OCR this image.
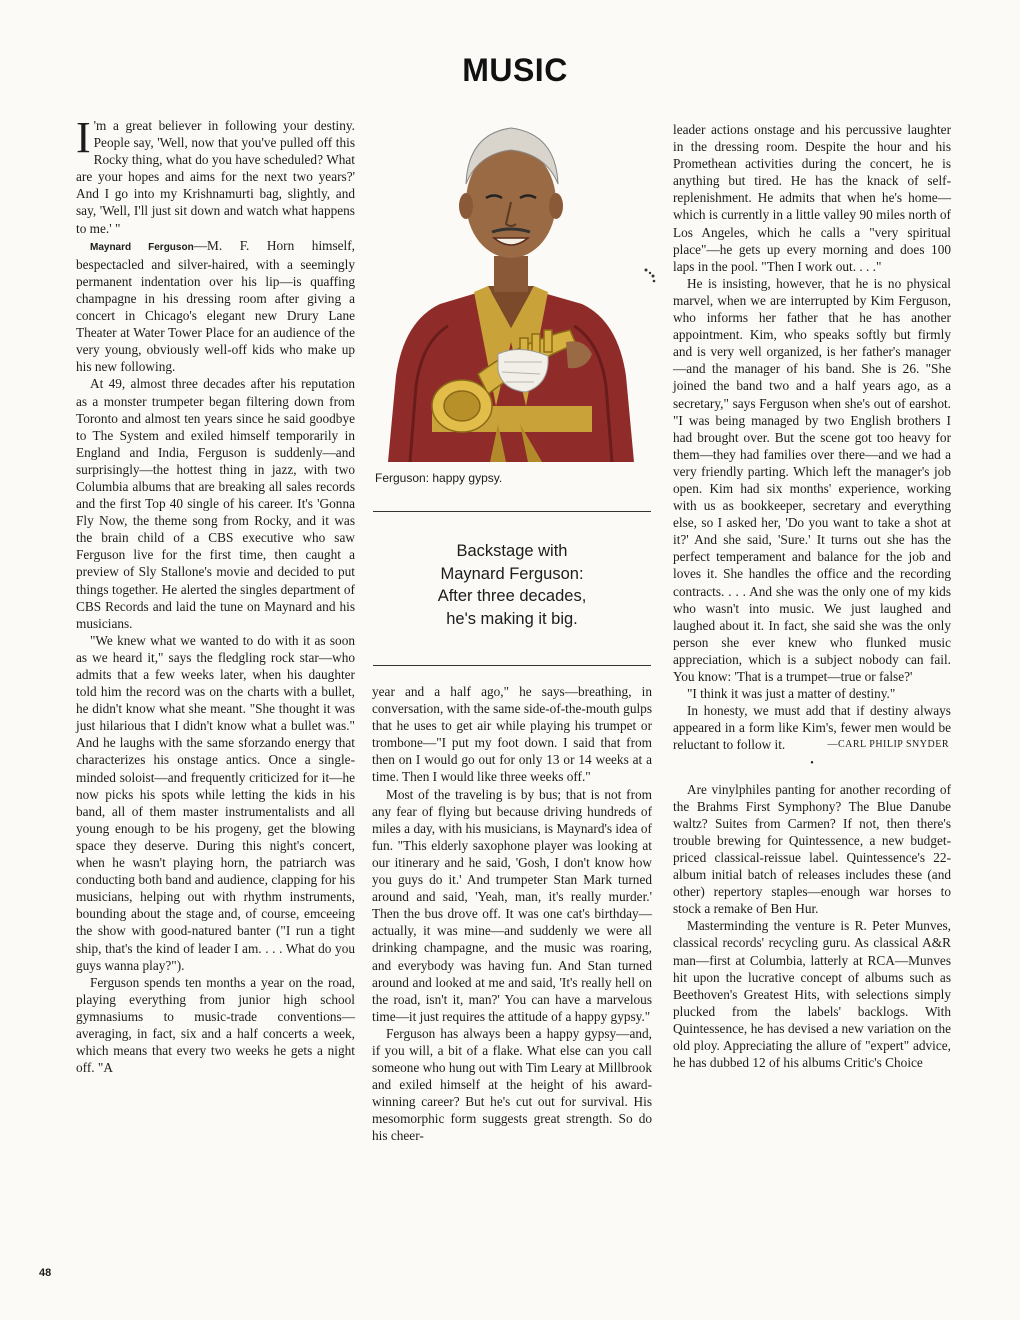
MUSIC

I 'm a great believer in following your destiny. People say, 'Well, now that you've pulled off this Rocky thing, what do you have scheduled? What are your hopes and aims for the next two years?' And I go into my Krishnamurti bag, slightly, and say, 'Well, I'll just sit down and watch what happens to me.' "

Maynard Ferguson—M. F. Horn himself, bespectacled and silver-haired, with a seemingly permanent indentation over his lip—is quaffing champagne in his dressing room after giving a concert in Chicago's elegant new Drury Lane Theater at Water Tower Place for an audience of the very young, obviously well-off kids who make up his new following.

At 49, almost three decades after his reputation as a monster trumpeter began filtering down from Toronto and almost ten years since he said goodbye to The System and exiled himself temporarily in England and India, Ferguson is suddenly—and surprisingly—the hottest thing in jazz, with two Columbia albums that are breaking all sales records and the first Top 40 single of his career. It's 'Gonna Fly Now, the theme song from Rocky, and it was the brain child of a CBS executive who saw Ferguson live for the first time, then caught a preview of Sly Stallone's movie and decided to put things together. He alerted the singles department of CBS Records and laid the tune on Maynard and his musicians.

"We knew what we wanted to do with it as soon as we heard it," says the fledgling rock star—who admits that a few weeks later, when his daughter told him the record was on the charts with a bullet, he didn't know what she meant. "She thought it was just hilarious that I didn't know what a bullet was." And he laughs with the same sforzando energy that characterizes his onstage antics. Once a single-minded soloist—and frequently criticized for it—he now picks his spots while letting the kids in his band, all of them master instrumentalists and all young enough to be his progeny, get the blowing space they deserve. During this night's concert, when he wasn't playing horn, the patriarch was conducting both band and audience, clapping for his musicians, helping out with rhythm instruments, bounding about the stage and, of course, emceeing the show with good-natured banter ("I run a tight ship, that's the kind of leader I am. . . . What do you guys wanna play?").

Ferguson spends ten months a year on the road, playing everything from junior high school gymnasiums to music-trade conventions—averaging, in fact, six and a half concerts a week, which means that every two weeks he gets a night off. "A

Ferguson: happy gypsy.
Backstage with
Maynard Ferguson:
After three decades,
he's making it big.

year and a half ago," he says—breathing, in conversation, with the same side-of-the-mouth gulps that he uses to get air while playing his trumpet or trombone—"I put my foot down. I said that from then on I would go out for only 13 or 14 weeks at a time. Then I would like three weeks off."

Most of the traveling is by bus; that is not from any fear of flying but because driving hundreds of miles a day, with his musicians, is Maynard's idea of fun. "This elderly saxophone player was looking at our itinerary and he said, 'Gosh, I don't know how you guys do it.' And trumpeter Stan Mark turned around and said, 'Yeah, man, it's really murder.' Then the bus drove off. It was one cat's birthday—actually, it was mine—and suddenly we were all drinking champagne, and the music was roaring, and everybody was having fun. And Stan turned around and looked at me and said, 'It's really hell on the road, isn't it, man?' You can have a marvelous time—it just requires the attitude of a happy gypsy."

Ferguson has always been a happy gypsy—and, if you will, a bit of a flake. What else can you call someone who hung out with Tim Leary at Millbrook and exiled himself at the height of his award-winning career? But he's cut out for survival. His mesomorphic form suggests great strength. So do his cheer-

leader actions onstage and his percussive laughter in the dressing room. Despite the hour and his Promethean activities during the concert, he is anything but tired. He has the knack of self-replenishment. He admits that when he's home—which is currently in a little valley 90 miles north of Los Angeles, which he calls a "very spiritual place"—he gets up every morning and does 100 laps in the pool. "Then I work out. . . ."

He is insisting, however, that he is no physical marvel, when we are interrupted by Kim Ferguson, who informs her father that he has another appointment. Kim, who speaks softly but firmly and is very well organized, is her father's manager—and the manager of his band. She is 26. "She joined the band two and a half years ago, as a secretary," says Ferguson when she's out of earshot. "I was being managed by two English brothers I had brought over. But the scene got too heavy for them—they had families over there—and we had a very friendly parting. Which left the manager's job open. Kim had six months' experience, working with us as bookkeeper, secretary and everything else, so I asked her, 'Do you want to take a shot at it?' And she said, 'Sure.' It turns out she has the perfect temperament and balance for the job and loves it. She handles the office and the recording contracts. . . . And she was the only one of my kids who wasn't into music. We just laughed and laughed about it. In fact, she said she was the only person she ever knew who flunked music appreciation, which is a subject nobody can fail. You know: 'That is a trumpet—true or false?'

"I think it was just a matter of destiny."

In honesty, we must add that if destiny always appeared in a form like Kim's, fewer men would be reluctant to follow it.	—CARL PHILIP SNYDER

•

Are vinylphiles panting for another recording of the Brahms First Symphony? The Blue Danube waltz? Suites from Carmen? If not, then there's trouble brewing for Quintessence, a new budget-priced classical-reissue label. Quintessence's 22-album initial batch of releases includes these (and other) repertory staples—enough war horses to stock a remake of Ben Hur.

Masterminding the venture is R. Peter Munves, classical records' recycling guru. As classical A&R man—first at Columbia, latterly at RCA—Munves hit upon the lucrative concept of albums such as Beethoven's Greatest Hits, with selections simply plucked from the labels' backlogs. With Quintessence, he has devised a new variation on the old ploy. Appreciating the allure of "expert" advice, he has dubbed 12 of his albums Critic's Choice

48
